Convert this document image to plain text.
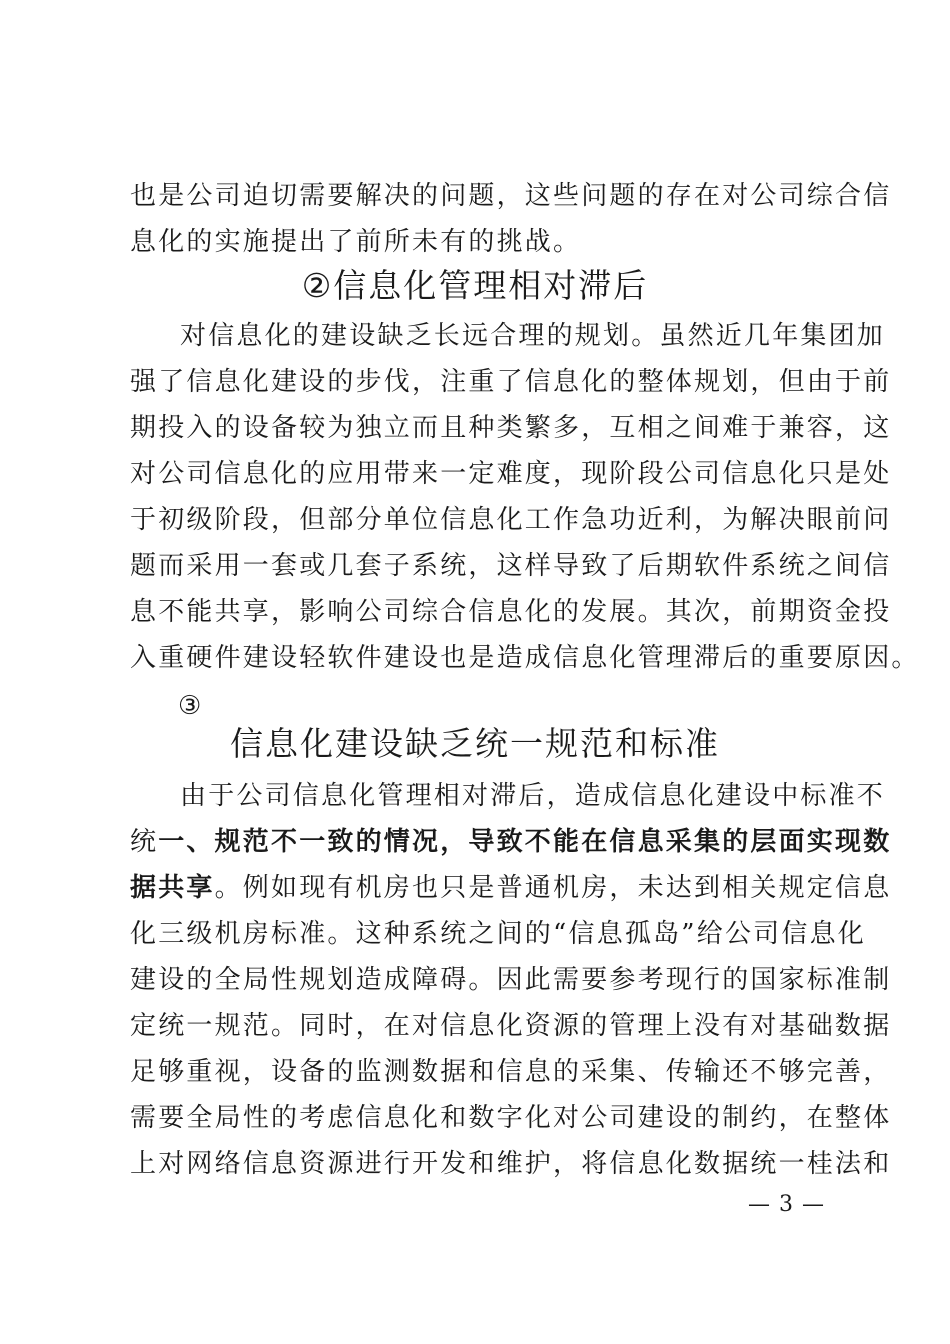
也是公司迫切需要解决的问题，这些问题的存在对公司综合信
息化的实施提出了前所未有的挑战。
②信息化管理相对滞后
对信息化的建设缺乏长远合理的规划。虽然近几年集团加
强了信息化建设的步伐，注重了信息化的整体规划，但由于前
期投入的设备较为独立而且种类繁多，互相之间难于兼容，这
对公司信息化的应用带来一定难度，现阶段公司信息化只是处
于初级阶段，但部分单位信息化工作急功近利，为解决眼前问
题而采用一套或几套子系统，这样导致了后期软件系统之间信
息不能共享，影响公司综合信息化的发展。其次，前期资金投
入重硬件建设轻软件建设也是造成信息化管理滞后的重要原因。
③
信息化建设缺乏统一规范和标准
由于公司信息化管理相对滞后，造成信息化建设中标准不
统一、规范不一致的情况，导致不能在信息采集的层面实现数
据共享。例如现有机房也只是普通机房，未达到相关规定信息
化三级机房标准。这种系统之间的“信息孤岛”给公司信息化
建设的全局性规划造成障碍。因此需要参考现行的国家标准制
定统一规范。同时，在对信息化资源的管理上没有对基础数据
足够重视，设备的监测数据和信息的采集、传输还不够完善，
需要全局性的考虑信息化和数字化对公司建设的制约，在整体
上对网络信息资源进行开发和维护，将信息化数据统一桂法和
— 3 —
